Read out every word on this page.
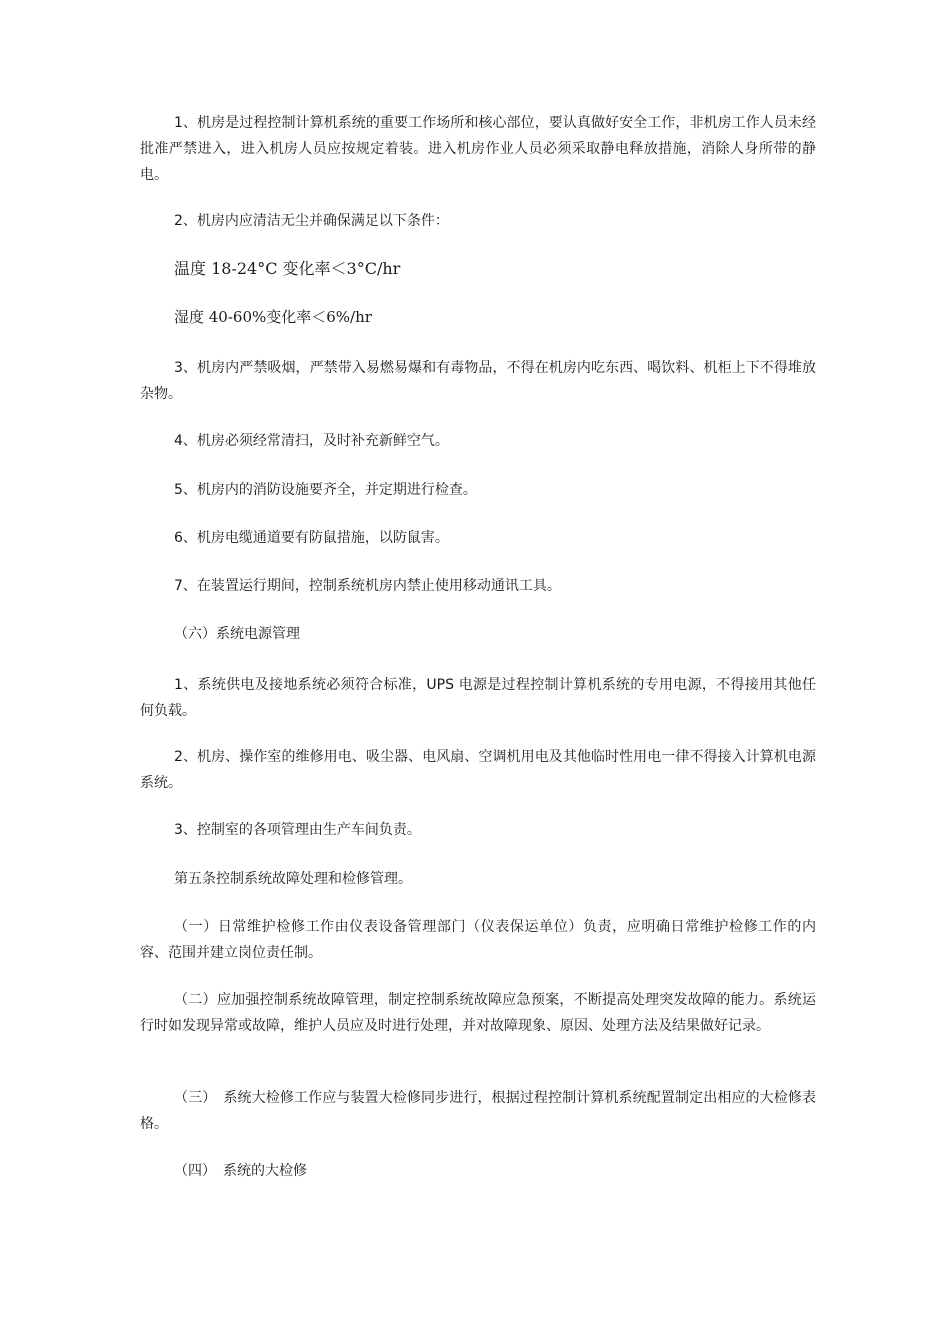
1、机房是过程控制计算机系统的重要工作场所和核心部位，要认真做好安全工作，非机房工作人员未经批准严禁进入，进入机房人员应按规定着装。进入机房作业人员必须采取静电释放措施，消除人身所带的静电。

2、机房内应清洁无尘并确保满足以下条件：

温度 18-24°C 变化率＜3°C/hr

湿度 40-60%变化率＜6%/hr

3、机房内严禁吸烟，严禁带入易燃易爆和有毒物品，不得在机房内吃东西、喝饮料、机柜上下不得堆放杂物。

4、机房必须经常清扫，及时补充新鲜空气。

5、机房内的消防设施要齐全，并定期进行检查。

6、机房电缆通道要有防鼠措施，以防鼠害。

7、在装置运行期间，控制系统机房内禁止使用移动通讯工具。

（六）系统电源管理

1、系统供电及接地系统必须符合标准，UPS 电源是过程控制计算机系统的专用电源，不得接用其他任何负载。

2、机房、操作室的维修用电、吸尘器、电风扇、空调机用电及其他临时性用电一律不得接入计算机电源系统。

3、控制室的各项管理由生产车间负责。

第五条控制系统故障处理和检修管理。

（一）日常维护检修工作由仪表设备管理部门（仪表保运单位）负责，应明确日常维护检修工作的内容、范围并建立岗位责任制。

（二）应加强控制系统故障管理，制定控制系统故障应急预案，不断提高处理突发故障的能力。系统运行时如发现异常或故障，维护人员应及时进行处理，并对故障现象、原因、处理方法及结果做好记录。

（三）　系统大检修工作应与装置大检修同步进行，根据过程控制计算机系统配置制定出相应的大检修表格。

（四）　系统的大检修
